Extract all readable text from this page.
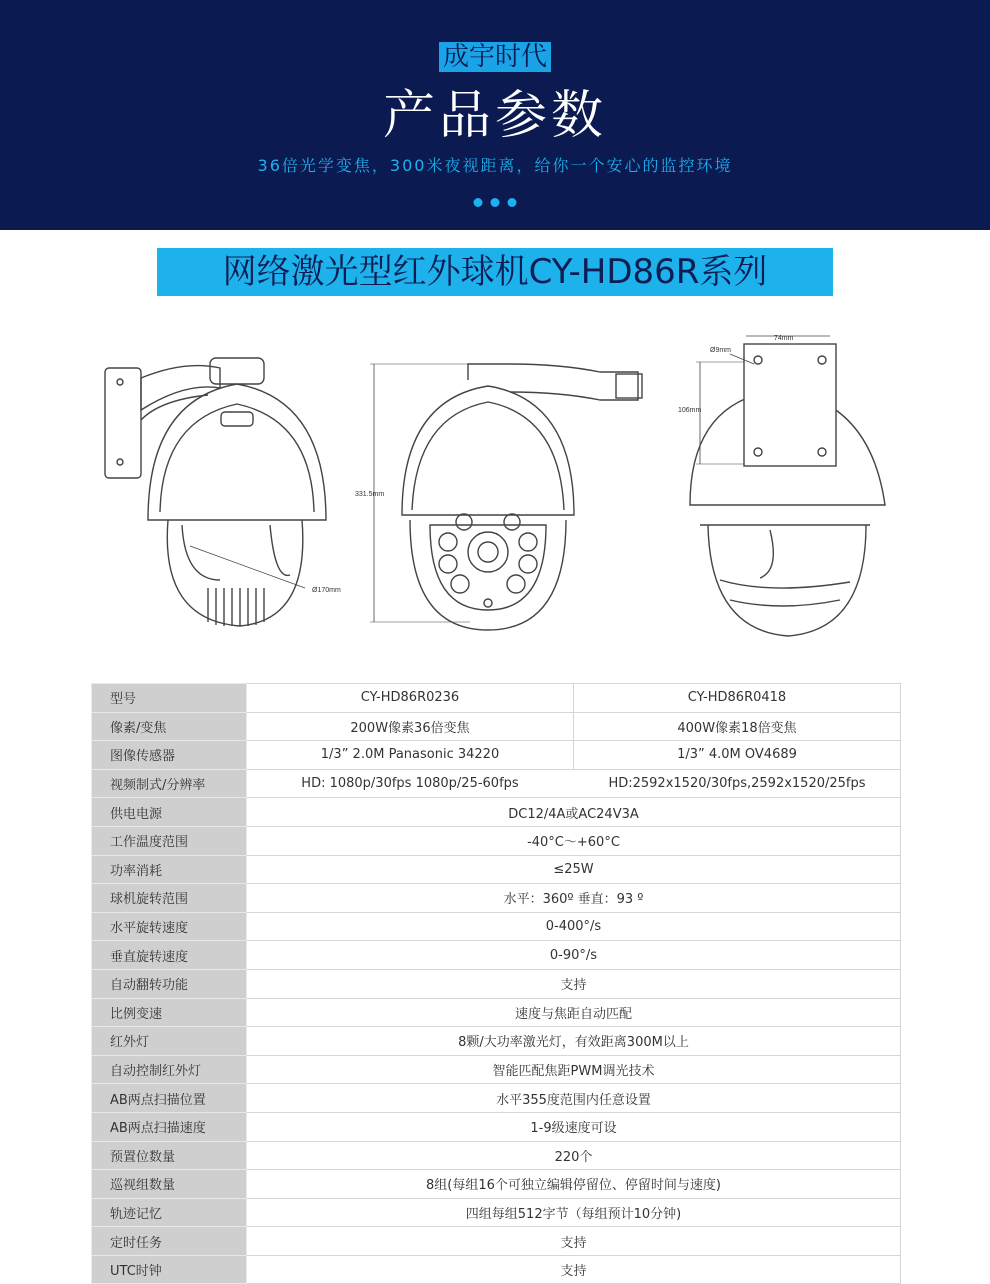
成宇时代
产品参数
36倍光学变焦，300米夜视距离，给你一个安心的监控环境
网络激光型红外球机CY-HD86R系列
331.5mm
Ø170mm
Ø9mm
74mm
106mm
型号	CY-HD86R0236	CY-HD86R0418
像素/变焦	200W像素36倍变焦	400W像素18倍变焦
图像传感器	1/3” 2.0M Panasonic 34220	1/3” 4.0M OV4689
视频制式/分辨率	HD: 1080p/30fps 1080p/25-60fps	HD:2592x1520/30fps,2592x1520/25fps
供电电源	DC12/4A或AC24V3A	
工作温度范围	-40°C～+60°C	
功率消耗	≤25W	
球机旋转范围	水平：360º 垂直：93 º	
水平旋转速度	0-400°/s	
垂直旋转速度	0-90°/s	
自动翻转功能	支持	
比例变速	速度与焦距自动匹配	
红外灯	8颗/大功率激光灯，有效距离300M以上	
自动控制红外灯	智能匹配焦距PWM调光技术	
AB两点扫描位置	水平355度范围内任意设置	
AB两点扫描速度	1-9级速度可设	
预置位数量	220个	
巡视组数量	8组(每组16个可独立编辑停留位、停留时间与速度)	
轨迹记忆	四组每组512字节（每组预计10分钟)	
定时任务	支持	
UTC时钟	支持	
